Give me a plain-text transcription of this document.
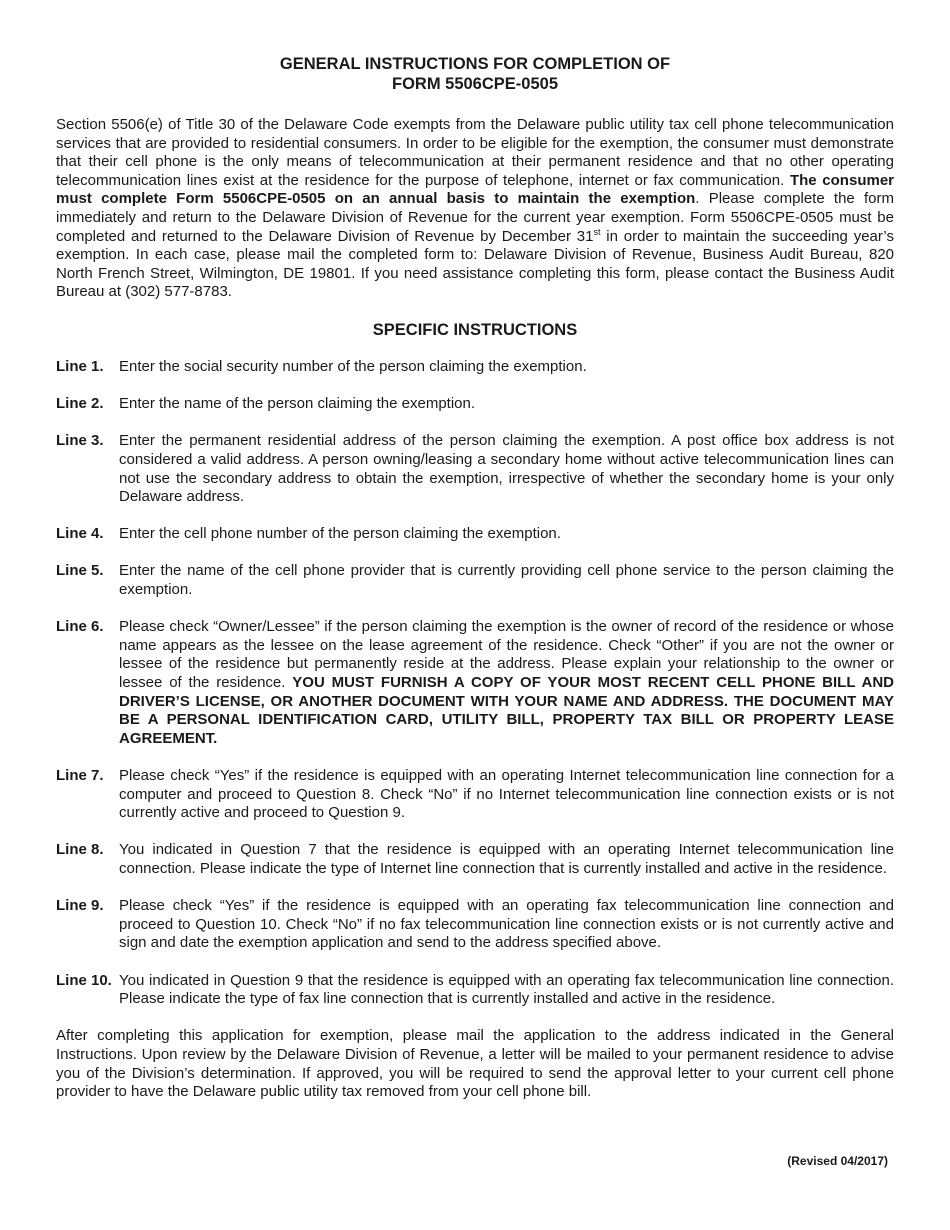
GENERAL INSTRUCTIONS FOR COMPLETION OF
FORM 5506CPE-0505
Section 5506(e) of Title 30 of the Delaware Code exempts from the Delaware public utility tax cell phone telecommunication services that are provided to residential consumers. In order to be eligible for the exemption, the consumer must demonstrate that their cell phone is the only means of telecommunication at their permanent residence and that no other operating telecommunication lines exist at the residence for the purpose of telephone, internet or fax communication. The consumer must complete Form 5506CPE-0505 on an annual basis to maintain the exemption. Please complete the form immediately and return to the Delaware Division of Revenue for the current year exemption. Form 5506CPE-0505 must be completed and returned to the Delaware Division of Revenue by December 31st in order to maintain the succeeding year’s exemption. In each case, please mail the completed form to: Delaware Division of Revenue, Business Audit Bureau, 820 North French Street, Wilmington, DE 19801. If you need assistance completing this form, please contact the Business Audit Bureau at (302) 577-8783.
SPECIFIC INSTRUCTIONS
Line 1.	Enter the social security number of the person claiming the exemption.
Line 2.	Enter the name of the person claiming the exemption.
Line 3.	Enter the permanent residential address of the person claiming the exemption. A post office box address is not considered a valid address. A person owning/leasing a secondary home without active telecommunication lines can not use the secondary address to obtain the exemption, irrespective of whether the secondary home is your only Delaware address.
Line 4.	Enter the cell phone number of the person claiming the exemption.
Line 5.	Enter the name of the cell phone provider that is currently providing cell phone service to the person claiming the exemption.
Line 6.	Please check “Owner/Lessee” if the person claiming the exemption is the owner of record of the residence or whose name appears as the lessee on the lease agreement of the residence. Check “Other” if you are not the owner or lessee of the residence but permanently reside at the address. Please explain your relationship to the owner or lessee of the residence. YOU MUST FURNISH A COPY OF YOUR MOST RECENT CELL PHONE BILL AND DRIVER’S LICENSE, OR ANOTHER DOCUMENT WITH YOUR NAME AND ADDRESS. THE DOCUMENT MAY BE A PERSONAL IDENTIFICATION CARD, UTILITY BILL, PROPERTY TAX BILL OR PROPERTY LEASE AGREEMENT.
Line 7.	Please check “Yes” if the residence is equipped with an operating Internet telecommunication line connection for a computer and proceed to Question 8. Check “No” if no Internet telecommunication line connection exists or is not currently active and proceed to Question 9.
Line 8.	You indicated in Question 7 that the residence is equipped with an operating Internet telecommunication line connection. Please indicate the type of Internet line connection that is currently installed and active in the residence.
Line 9.	Please check “Yes” if the residence is equipped with an operating fax telecommunication line connection and proceed to Question 10. Check “No” if no fax telecommunication line connection exists or is not currently active and sign and date the exemption application and send to the address specified above.
Line 10. You indicated in Question 9 that the residence is equipped with an operating fax telecommunication line connection. Please indicate the type of fax line connection that is currently installed and active in the residence.
After completing this application for exemption, please mail the application to the address indicated in the General Instructions. Upon review by the Delaware Division of Revenue, a letter will be mailed to your permanent residence to advise you of the Division’s determination. If approved, you will be required to send the approval letter to your current cell phone provider to have the Delaware public utility tax removed from your cell phone bill.
(Revised 04/2017)
